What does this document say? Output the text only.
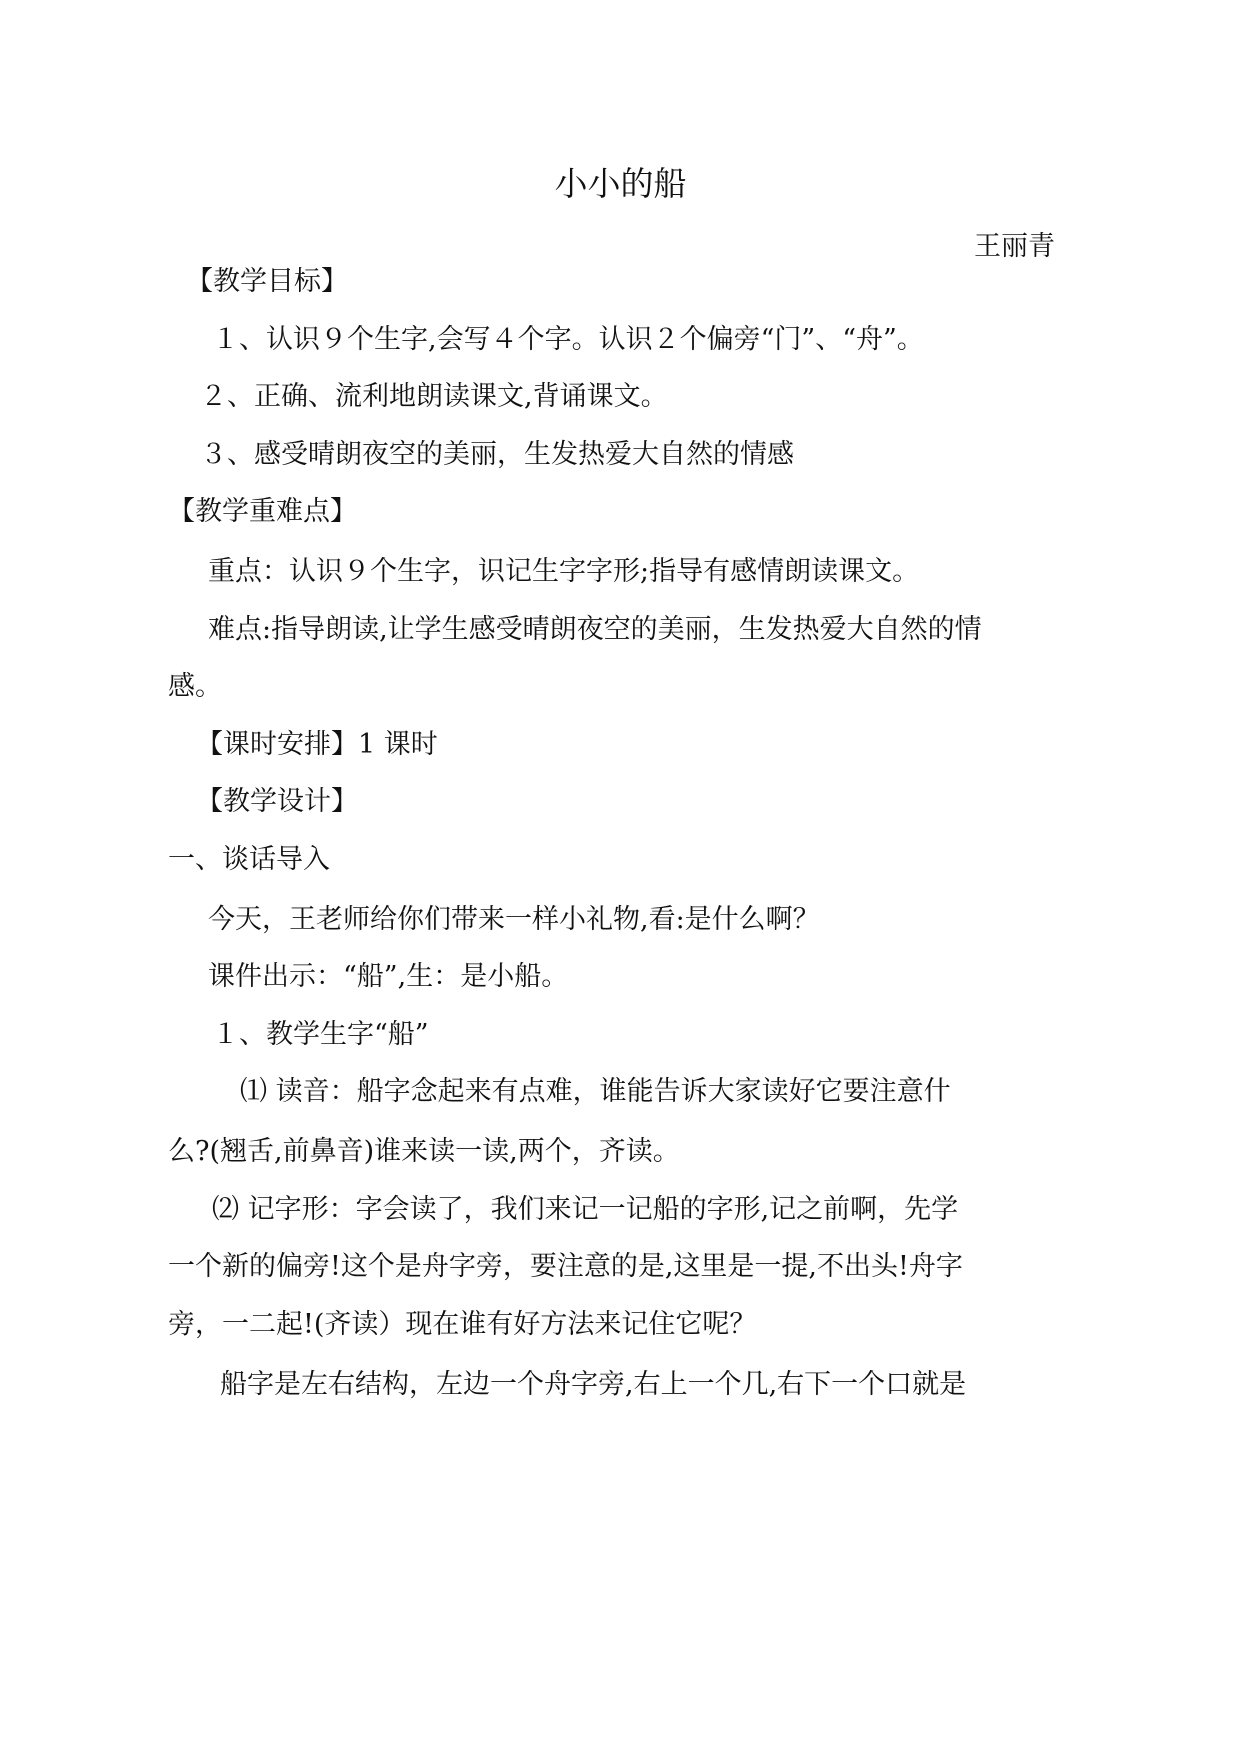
小小的船

王丽青

【教学目标】

１、认识９个生字,会写４个字。认识２个偏旁“门”、“舟”。

２、正确、流利地朗读课文,背诵课文。

３、感受晴朗夜空的美丽，生发热爱大自然的情感

【教学重难点】

重点：认识９个生字，识记生字字形;指导有感情朗读课文。

难点:指导朗读,让学生感受晴朗夜空的美丽，生发热爱大自然的情

感。

【课时安排】1 课时

【教学设计】

一、谈话导入

今天，王老师给你们带来一样小礼物,看:是什么啊？

课件出示：“船”,生：是小船。

１、教学生字“船”

⑴ 读音：船字念起来有点难，谁能告诉大家读好它要注意什

么?(翘舌,前鼻音)谁来读一读,两个，齐读。

⑵ 记字形：字会读了，我们来记一记船的字形,记之前啊，先学

一个新的偏旁!这个是舟字旁，要注意的是,这里是一提,不出头!舟字

旁，一二起!(齐读）现在谁有好方法来记住它呢？

船字是左右结构，左边一个舟字旁,右上一个几,右下一个口就是
